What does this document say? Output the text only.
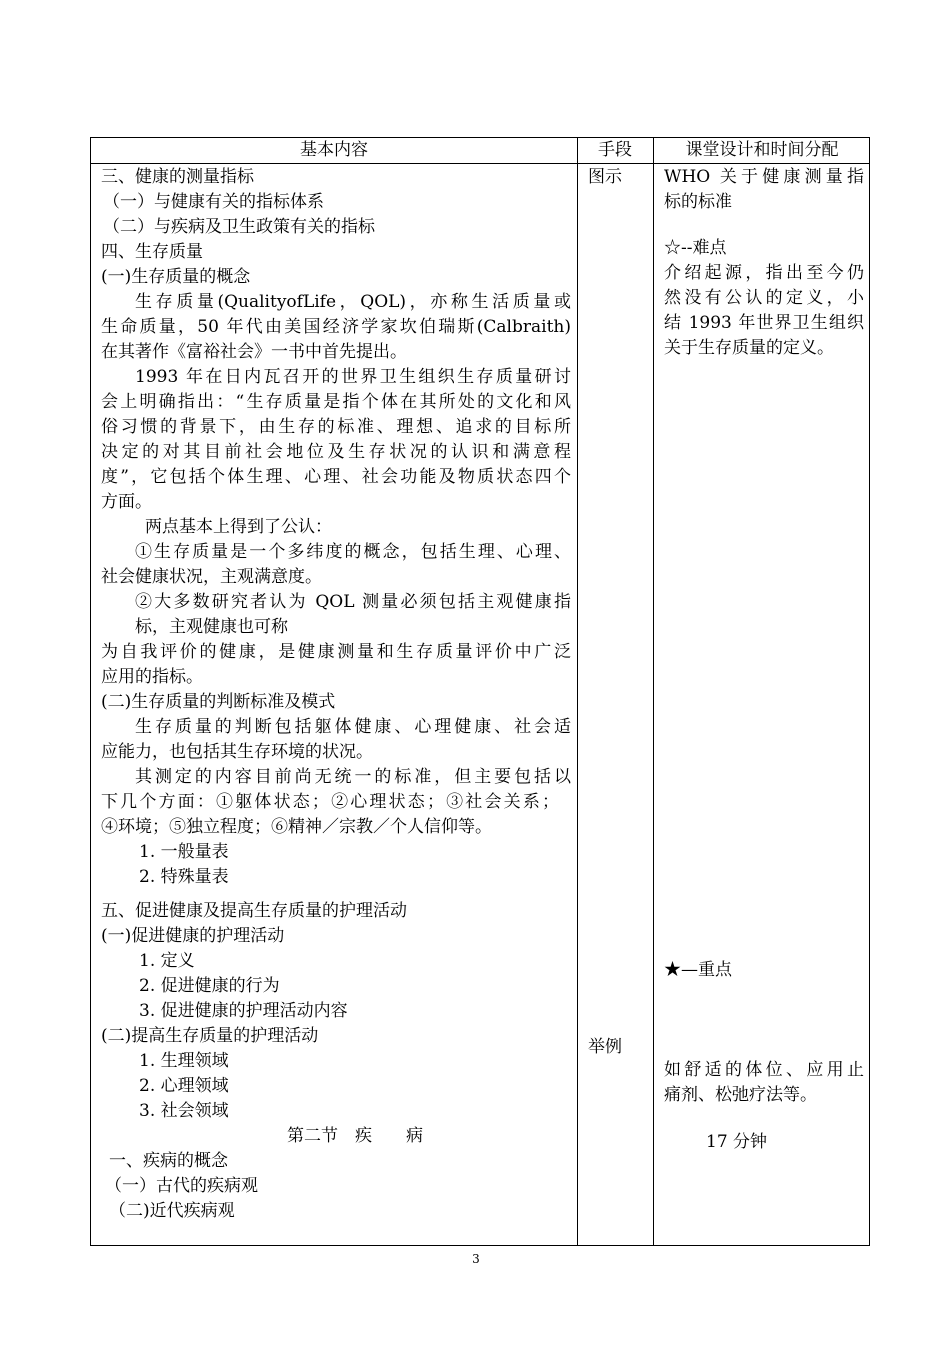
基本内容	手段	课堂设计和时间分配
三、健康的测量指标
（一）与健康有关的指标体系
（二）与疾病及卫生政策有关的指标
四、生存质量
(一)生存质量的概念
生存质量(QualityofLife，QOL)，亦称生活质量或
生命质量，50 年代由美国经济学家坎伯瑞斯(Calbraith)
在其著作《富裕社会》一书中首先提出。
1993 年在日内瓦召开的世界卫生组织生存质量研讨
会上明确指出：“生存质量是指个体在其所处的文化和风
俗习惯的背景下，由生存的标准、理想、追求的目标所
决定的对其目前社会地位及生存状况的认识和满意程
度”，它包括个体生理、心理、社会功能及物质状态四个
方面。
两点基本上得到了公认：
①生存质量是一个多纬度的概念，包括生理、心理、
社会健康状况，主观满意度。
②大多数研究者认为 QOL 测量必须包括主观健康指
标，主观健康也可称
为自我评价的健康，是健康测量和生存质量评价中广泛
应用的指标。
(二)生存质量的判断标准及模式
生存质量的判断包括躯体健康、心理健康、社会适
应能力，也包括其生存环境的状况。
其测定的内容目前尚无统一的标准，但主要包括以
下几个方面：①躯体状态；②心理状态；③社会关系；
④环境；⑤独立程度；⑥精神／宗教／个人信仰等。
1. 一般量表
2. 特殊量表
五、促进健康及提高生存质量的护理活动
(一)促进健康的护理活动
1. 定义
2. 促进健康的行为
3. 促进健康的护理活动内容
(二)提高生存质量的护理活动
1. 生理领域
2. 心理领域
3. 社会领域
第二节　疾　　病
一、疾病的概念
（一）古代的疾病观
（二)近代疾病观
图示
举例
WHO 关于健康测量指
标的标准
☆--难点
介绍起源，指出至今仍
然没有公认的定义，小
结 1993 年世界卫生组织
关于生存质量的定义。
★—重点
如舒适的体位、应用止
痛剂、松弛疗法等。
17 分钟
3
